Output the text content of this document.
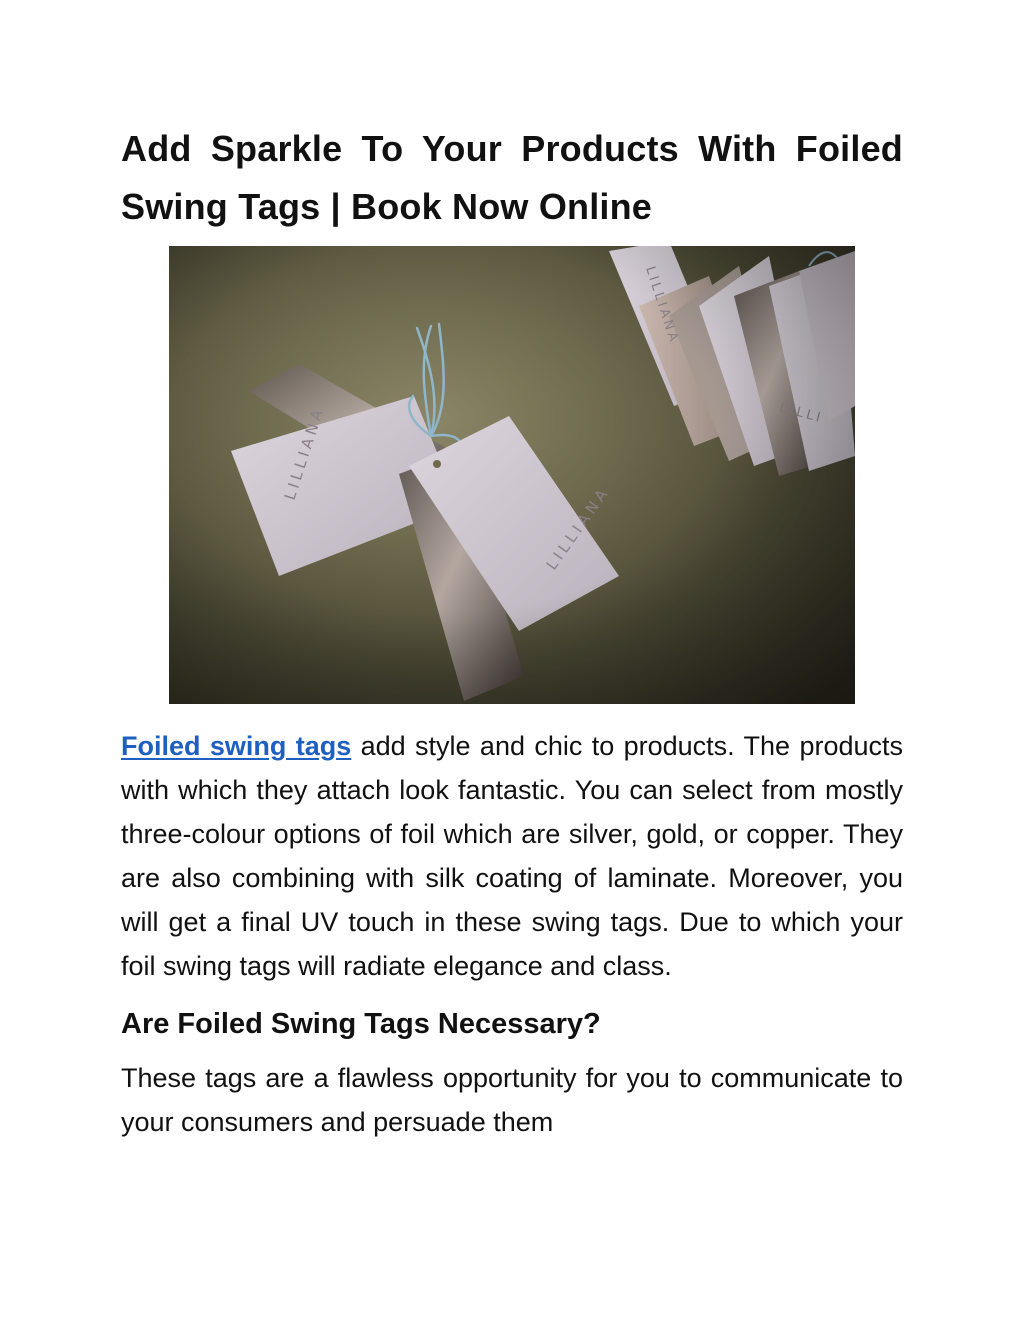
Add Sparkle To Your Products With Foiled Swing Tags | Book Now Online

Foiled swing tags add style and chic to products. The products with which they attach look fantastic. You can select from mostly three-colour options of foil which are silver, gold, or copper. They are also combining with silk coating of laminate. Moreover, you will get a final UV touch in these swing tags. Due to which your foil swing tags will radiate elegance and class.

Are Foiled Swing Tags Necessary?

These tags are a flawless opportunity for you to communicate to your consumers and persuade them
